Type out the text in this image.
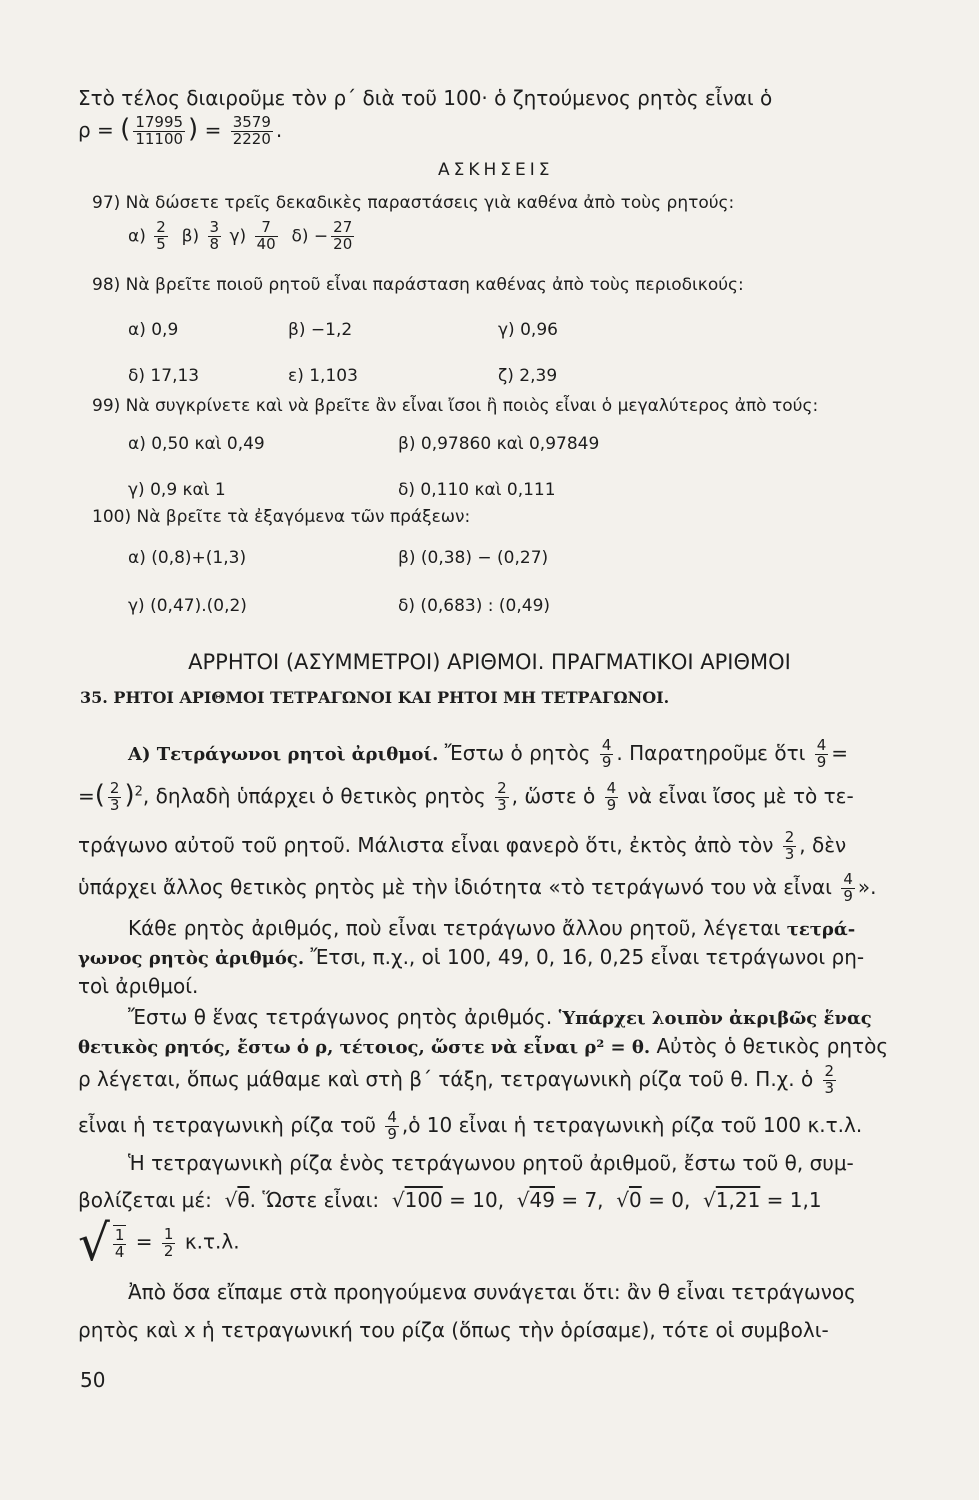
Στὸ τέλος διαιροῦμε τὸν ρ΄ διὰ τοῦ 100· ὁ ζητούμενος ρητὸς εἶναι ὁ
ρ = ( $\frac{17995}{11100}$ ) = $\frac{3579}{2220}$ .
ΑΣΚΗΣΕΙΣ
97) Νὰ δώσετε τρεῖς δεκαδικὲς παραστάσεις γιὰ καθένα ἀπὸ τοὺς ρητούς:
$\alpha) \frac{2}{5} \beta) \frac{3}{8} \gamma) \frac{7}{40} \delta) - \frac{27}{20}$
98) Νὰ βρεῖτε ποιοῦ ρητοῦ εἶναι παράσταση καθένας ἀπὸ τοὺς περιοδικούς:
α) 0,9	β) −1,2	γ) 0,96
δ) 17,13	ε) 1,103	ζ) 2,39
99) Νὰ συγκρίνετε καὶ νὰ βρεῖτε ἂν εἶναι ἴσοι ἢ ποιὸς εἶναι ὁ μεγαλύτερος ἀπὸ τούς:
α) 0,50 καὶ 0,49	β) 0,97860 καὶ 0,97849
γ) 0,9 καὶ 1	δ) 0,110 καὶ 0,111
100) Νὰ βρεῖτε τὰ ἐξαγόμενα τῶν πράξεων:
α) (0,8)+(1,3)	β) (0,38) − (0,27)
γ) (0,47).(0,2)	δ) (0,683) : (0,49)
ΑΡΡΗΤΟΙ (ΑΣΥΜΜΕΤΡΟΙ) ΑΡΙΘΜΟΙ. ΠΡΑΓΜΑΤΙΚΟΙ ΑΡΙΘΜΟΙ
35. ΡΗΤΟΙ ΑΡΙΘΜΟΙ ΤΕΤΡΑΓΩΝΟΙ ΚΑΙ ΡΗΤΟΙ ΜΗ ΤΕΤΡΑΓΩΝΟΙ.
Α) Τετράγωνοι ρητοὶ ἀριθμοί. Ἔστω ὁ ρητὸς $\frac{4}{9}$ . Παρατηροῦμε ὅτι $\frac{4}{9}$ =
=( $\frac{2}{3} )^2$, δηλαδὴ ὑπάρχει ὁ θετικὸς ρητὸς $\frac{2}{3}$ , ὥστε ὁ $\frac{4}{9}$ νὰ εἶναι ἴσος μὲ τὸ τε-
τράγωνο αὐτοῦ τοῦ ρητοῦ. Μάλιστα εἶναι φανερὸ ὅτι, ἐκτὸς ἀπὸ τὸν $\frac{2}{3}$ , δὲν
ὑπάρχει ἄλλος θετικὸς ρητὸς μὲ τὴν ἰδιότητα «τὸ τετράγωνό του νὰ εἶναι $\frac{4}{9}$ ».
Κάθε ρητὸς ἀριθμός, ποὺ εἶναι τετράγωνο ἄλλου ρητοῦ, λέγεται τετρά-
γωνος ρητὸς ἀριθμός. Ἔτσι, π.χ., οἱ 100, 49, 0, 16, 0,25 εἶναι τετράγωνοι ρη-
τοὶ ἀριθμοί.
Ἔστω θ ἕνας τετράγωνος ρητὸς ἀριθμός. Ὑπάρχει λοιπὸν ἀκριβῶς ἕνας
θετικὸς ρητός, ἔστω ὁ ρ, τέτοιος, ὥστε νὰ εἶναι ρ² = θ. Αὐτὸς ὁ θετικὸς ρητὸς
ρ λέγεται, ὅπως μάθαμε καὶ στὴ β΄ τάξη, τετραγωνικὴ ρίζα τοῦ θ. Π.χ. ὁ $\frac{2}{3}$
εἶναι ἡ τετραγωνικὴ ρίζα τοῦ $\frac{4}{9}$ ,ὁ 10 εἶναι ἡ τετραγωνικὴ ρίζα τοῦ 100 κ.τ.λ.
Ἡ τετραγωνικὴ ρίζα ἑνὸς τετράγωνου ρητοῦ ἀριθμοῦ, ἔστω τοῦ θ, συμ-
βολίζεται μέ: √θ. Ὥστε εἶναι: √100 = 10, √49 = 7, √0 = 0, √1,21 = 1,1
√ $\frac{1}{4} = \frac{1}{2} \kappa.\tau.\lambda$.
Ἀπὸ ὅσα εἴπαμε στὰ προηγούμενα συνάγεται ὅτι: ἂν θ εἶναι τετράγωνος
ρητὸς καὶ x ἡ τετραγωνική του ρίζα (ὅπως τὴν ὁρίσαμε), τότε οἱ συμβολι-
50
